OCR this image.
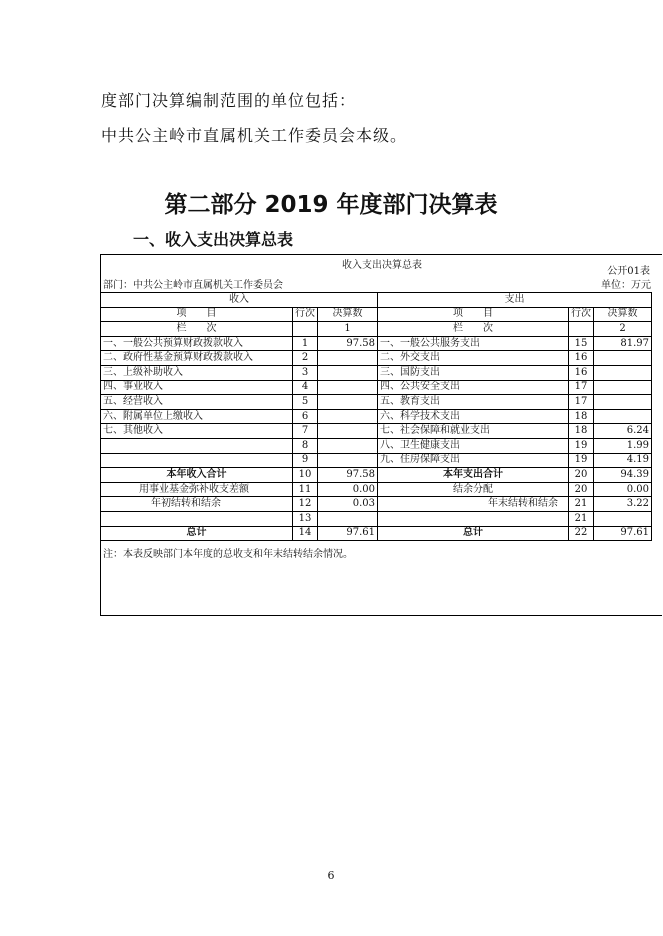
度部门决算编制范围的单位包括：
中共公主岭市直属机关工作委员会本级。
第二部分 2019 年度部门决算表
一、收入支出决算总表
收入支出决算总表
公开01表
部门：中共公主岭市直属机关工作委员会	单位：万元
收入			支出		
项　　目	行次	决算数	项　　目	行次	决算数
栏　　次		1	栏　　次		2
一、一般公共预算财政拨款收入	1	97.58	一、一般公共服务支出	15	81.97
二、政府性基金预算财政拨款收入	2		二、外交支出	16	
三、上级补助收入	3		三、国防支出	16	
四、事业收入	4		四、公共安全支出	17	
五、经营收入	5		五、教育支出	17	
六、附属单位上缴收入	6		六、科学技术支出	18	
七、其他收入	7		七、社会保障和就业支出	18	6.24
	8		八、卫生健康支出	19	1.99
	9		九、住房保障支出	19	4.19
本年收入合计	10	97.58	本年支出合计	20	94.39
用事业基金弥补收支差额	11	0.00	结余分配	20	0.00
年初结转和结余	12	0.03	年末结转和结余	21	3.22
	13			21	
总计	14	97.61	总计	22	97.61
注：本表反映部门本年度的总收支和年末结转结余情况。
6
